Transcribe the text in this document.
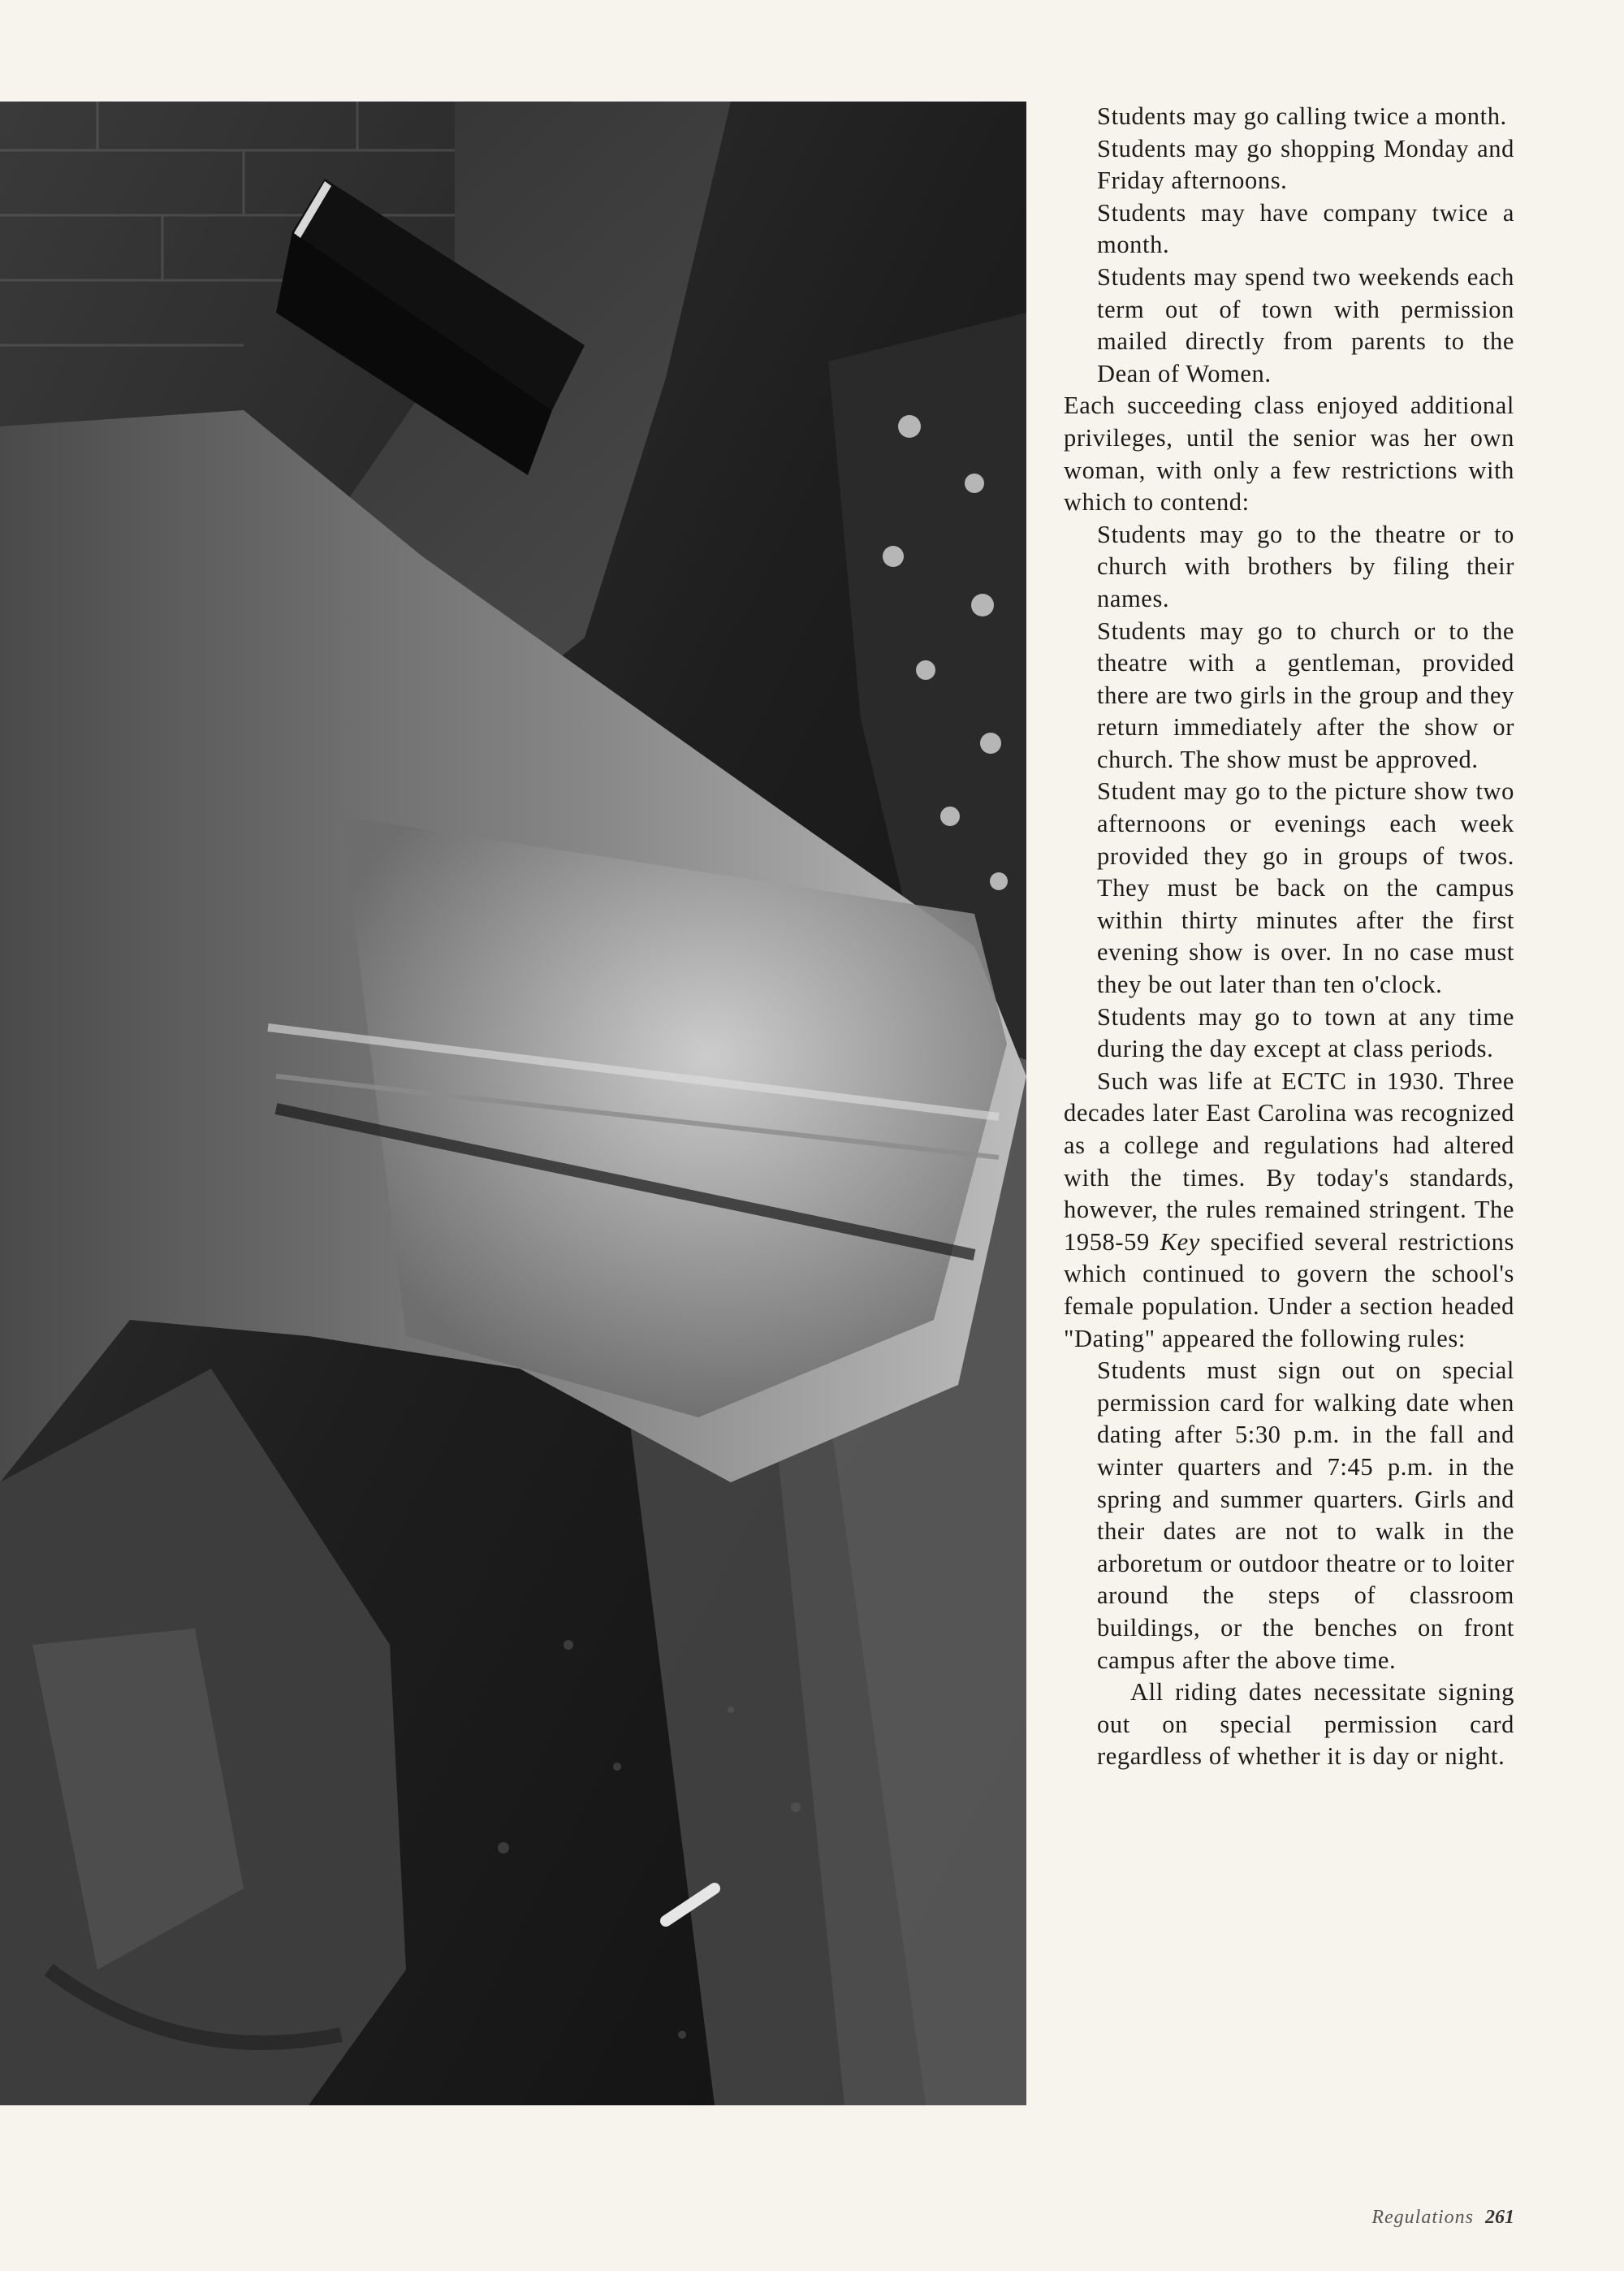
Students may go calling twice a month.

Students may go shopping Monday and Friday afternoons.

Students may have company twice a month.

Students may spend two weekends each term out of town with permission mailed directly from parents to the Dean of Women.

Each succeeding class enjoyed additional privileges, until the senior was her own woman, with only a few restrictions with which to contend:

Students may go to the theatre or to church with brothers by filing their names.

Students may go to church or to the theatre with a gentleman, provided there are two girls in the group and they return immediately after the show or church. The show must be approved.

Student may go to the picture show two afternoons or evenings each week provided they go in groups of twos. They must be back on the campus within thirty minutes after the first evening show is over. In no case must they be out later than ten o'clock.

Students may go to town at any time during the day except at class periods.

Such was life at ECTC in 1930. Three decades later East Carolina was recognized as a college and regulations had altered with the times. By today's standards, however, the rules remained stringent. The 1958-59 Key specified several restrictions which continued to govern the school's female population. Under a section headed "Dating" appeared the following rules:

Students must sign out on special permission card for walking date when dating after 5:30 p.m. in the fall and winter quarters and 7:45 p.m. in the spring and summer quarters. Girls and their dates are not to walk in the arboretum or outdoor theatre or to loiter around the steps of classroom buildings, or the benches on front campus after the above time.

All riding dates necessitate signing out on special permission card regardless of whether it is day or night.

Regulations 261
